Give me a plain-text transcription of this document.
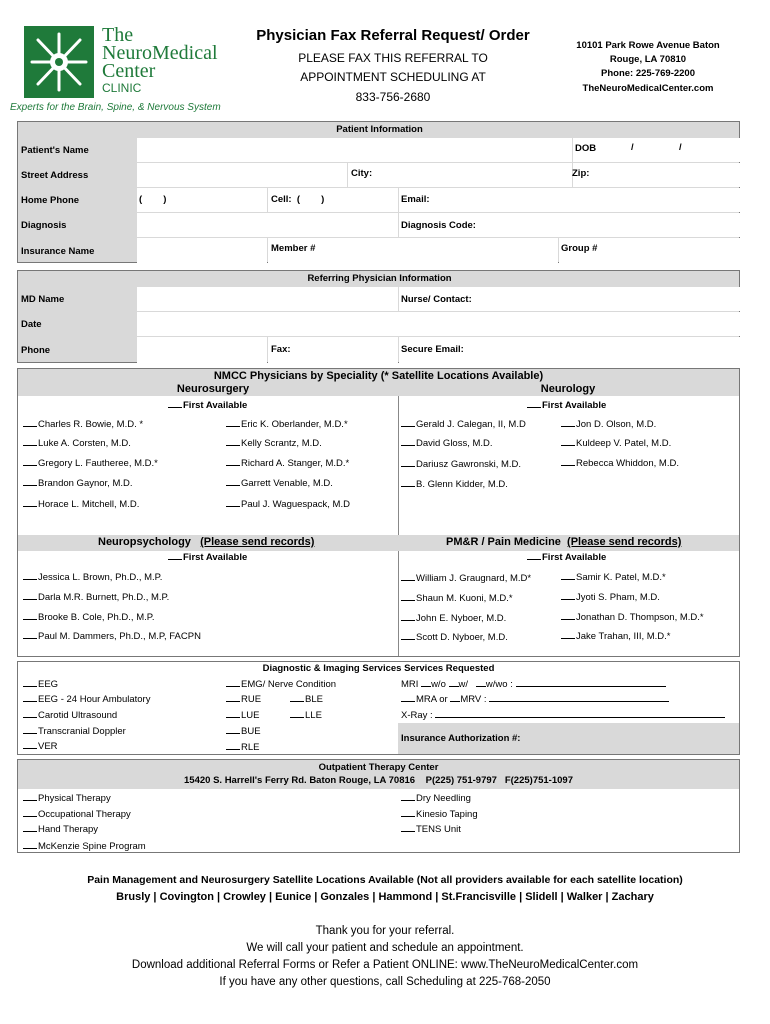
The
NeuroMedical
Center
CLINIC
Experts for the Brain, Spine, & Nervous System
Physician Fax Referral Request/ Order
PLEASE FAX THIS REFERRAL TO
APPOINTMENT SCHEDULING AT
833-756-2680
10101 Park Rowe Avenue Baton
Rouge, LA 70810
Phone: 225-769-2200
TheNeuroMedicalCenter.com
Patient Information
Patient's Name	DOB	/	/
Street Address	City:	Zip:
Home Phone	(        )	Cell:  (        )	Email:
Diagnosis	Diagnosis Code:
Insurance Name	Member #	Group #
Referring Physician Information
MD Name	Nurse/ Contact:
Date
Phone	Fax:	Secure Email:
NMCC Physicians by Speciality (* Satellite Locations Available)
Neurosurgery	Neurology
First Available	First Available
Charles R. Bowie, M.D. *
Luke A. Corsten, M.D.
Gregory L. Fautheree, M.D.*
Brandon Gaynor, M.D.
Horace L. Mitchell, M.D.
Eric K. Oberlander, M.D.*
Kelly Scrantz, M.D.
Richard A. Stanger, M.D.*
Garrett Venable, M.D.
Paul J. Waguespack, M.D
Gerald J. Calegan, II, M.D
David Gloss, M.D.
Dariusz Gawronski, M.D.
B. Glenn Kidder, M.D.
Jon D. Olson, M.D.
Kuldeep V. Patel, M.D.
Rebecca Whiddon, M.D.
Neuropsychology (Please send records)	PM&R / Pain Medicine (Please send records)
First Available	First Available
Jessica L. Brown, Ph.D., M.P.
Darla M.R. Burnett, Ph.D., M.P.
Brooke B. Cole, Ph.D., M.P.
Paul M. Dammers, Ph.D., M.P, FACPN
William J. Graugnard, M.D*
Shaun M. Kuoni, M.D.*
John E. Nyboer, M.D.
Scott D. Nyboer, M.D.
Samir K. Patel, M.D.*
Jyoti S. Pham, M.D.
Jonathan D. Thompson, M.D.*
Jake Trahan, III, M.D.*
Diagnostic & Imaging Services Services Requested
EEG
EEG - 24 Hour Ambulatory
Carotid Ultrasound
Transcranial Doppler
VER
EMG/ Nerve Condition
RUE	BLE
LUE	LLE
BUE
RLE
MRI w/o w/ w/wo :
MRA or MRV :
X-Ray :
Insurance Authorization #:
Outpatient Therapy Center
15420 S. Harrell's Ferry Rd. Baton Rouge, LA 70816    P(225) 751-9797   F(225)751-1097
Physical Therapy
Occupational Therapy
Hand Therapy
McKenzie Spine Program
Dry Needling
Kinesio Taping
TENS Unit
Pain Management and Neurosurgery Satellite Locations Available (Not all providers available for each satellite location)
Brusly | Covington | Crowley | Eunice | Gonzales | Hammond | St.Francisville | Slidell | Walker | Zachary
Thank you for your referral.
We will call your patient and schedule an appointment.
Download additional Referral Forms or Refer a Patient ONLINE: www.TheNeuroMedicalCenter.com
If you have any other questions, call Scheduling at 225-768-2050
